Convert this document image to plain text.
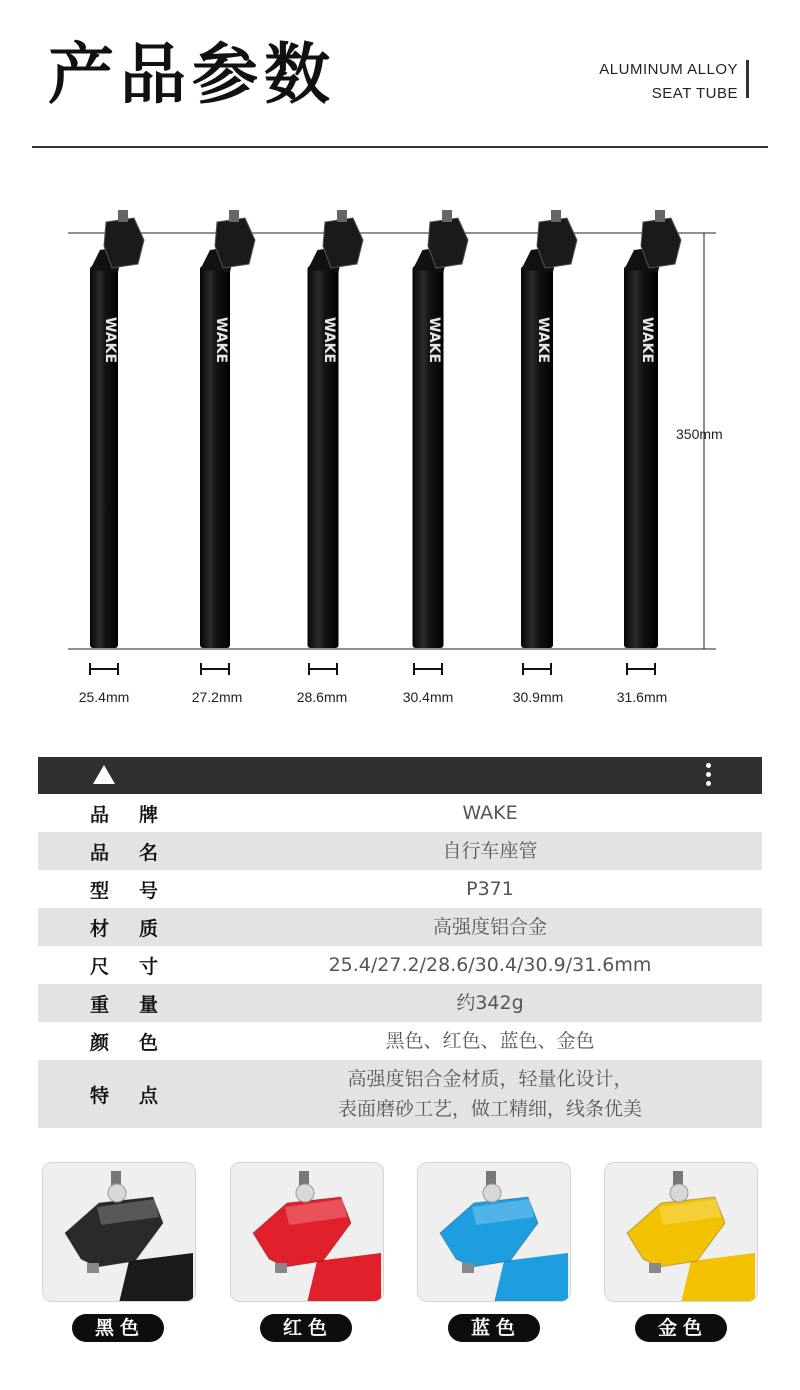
产品参数	ALUMINUM ALLOY
SEAT TUBE
WAKE	WAKE	WAKE	WAKE	WAKE	WAKE
350mm
25.4mm	27.2mm	28.6mm	30.4mm	30.9mm	31.6mm
品牌	WAKE
品名	自行车座管
型号	P371
材质	高强度铝合金
尺寸	25.4/27.2/28.6/30.4/30.9/31.6mm
重量	约342g
颜色	黑色、红色、蓝色、金色
特点
高强度铝合金材质，轻量化设计，
表面磨砂工艺，做工精细，线条优美
黑色	红色	蓝色	金色
